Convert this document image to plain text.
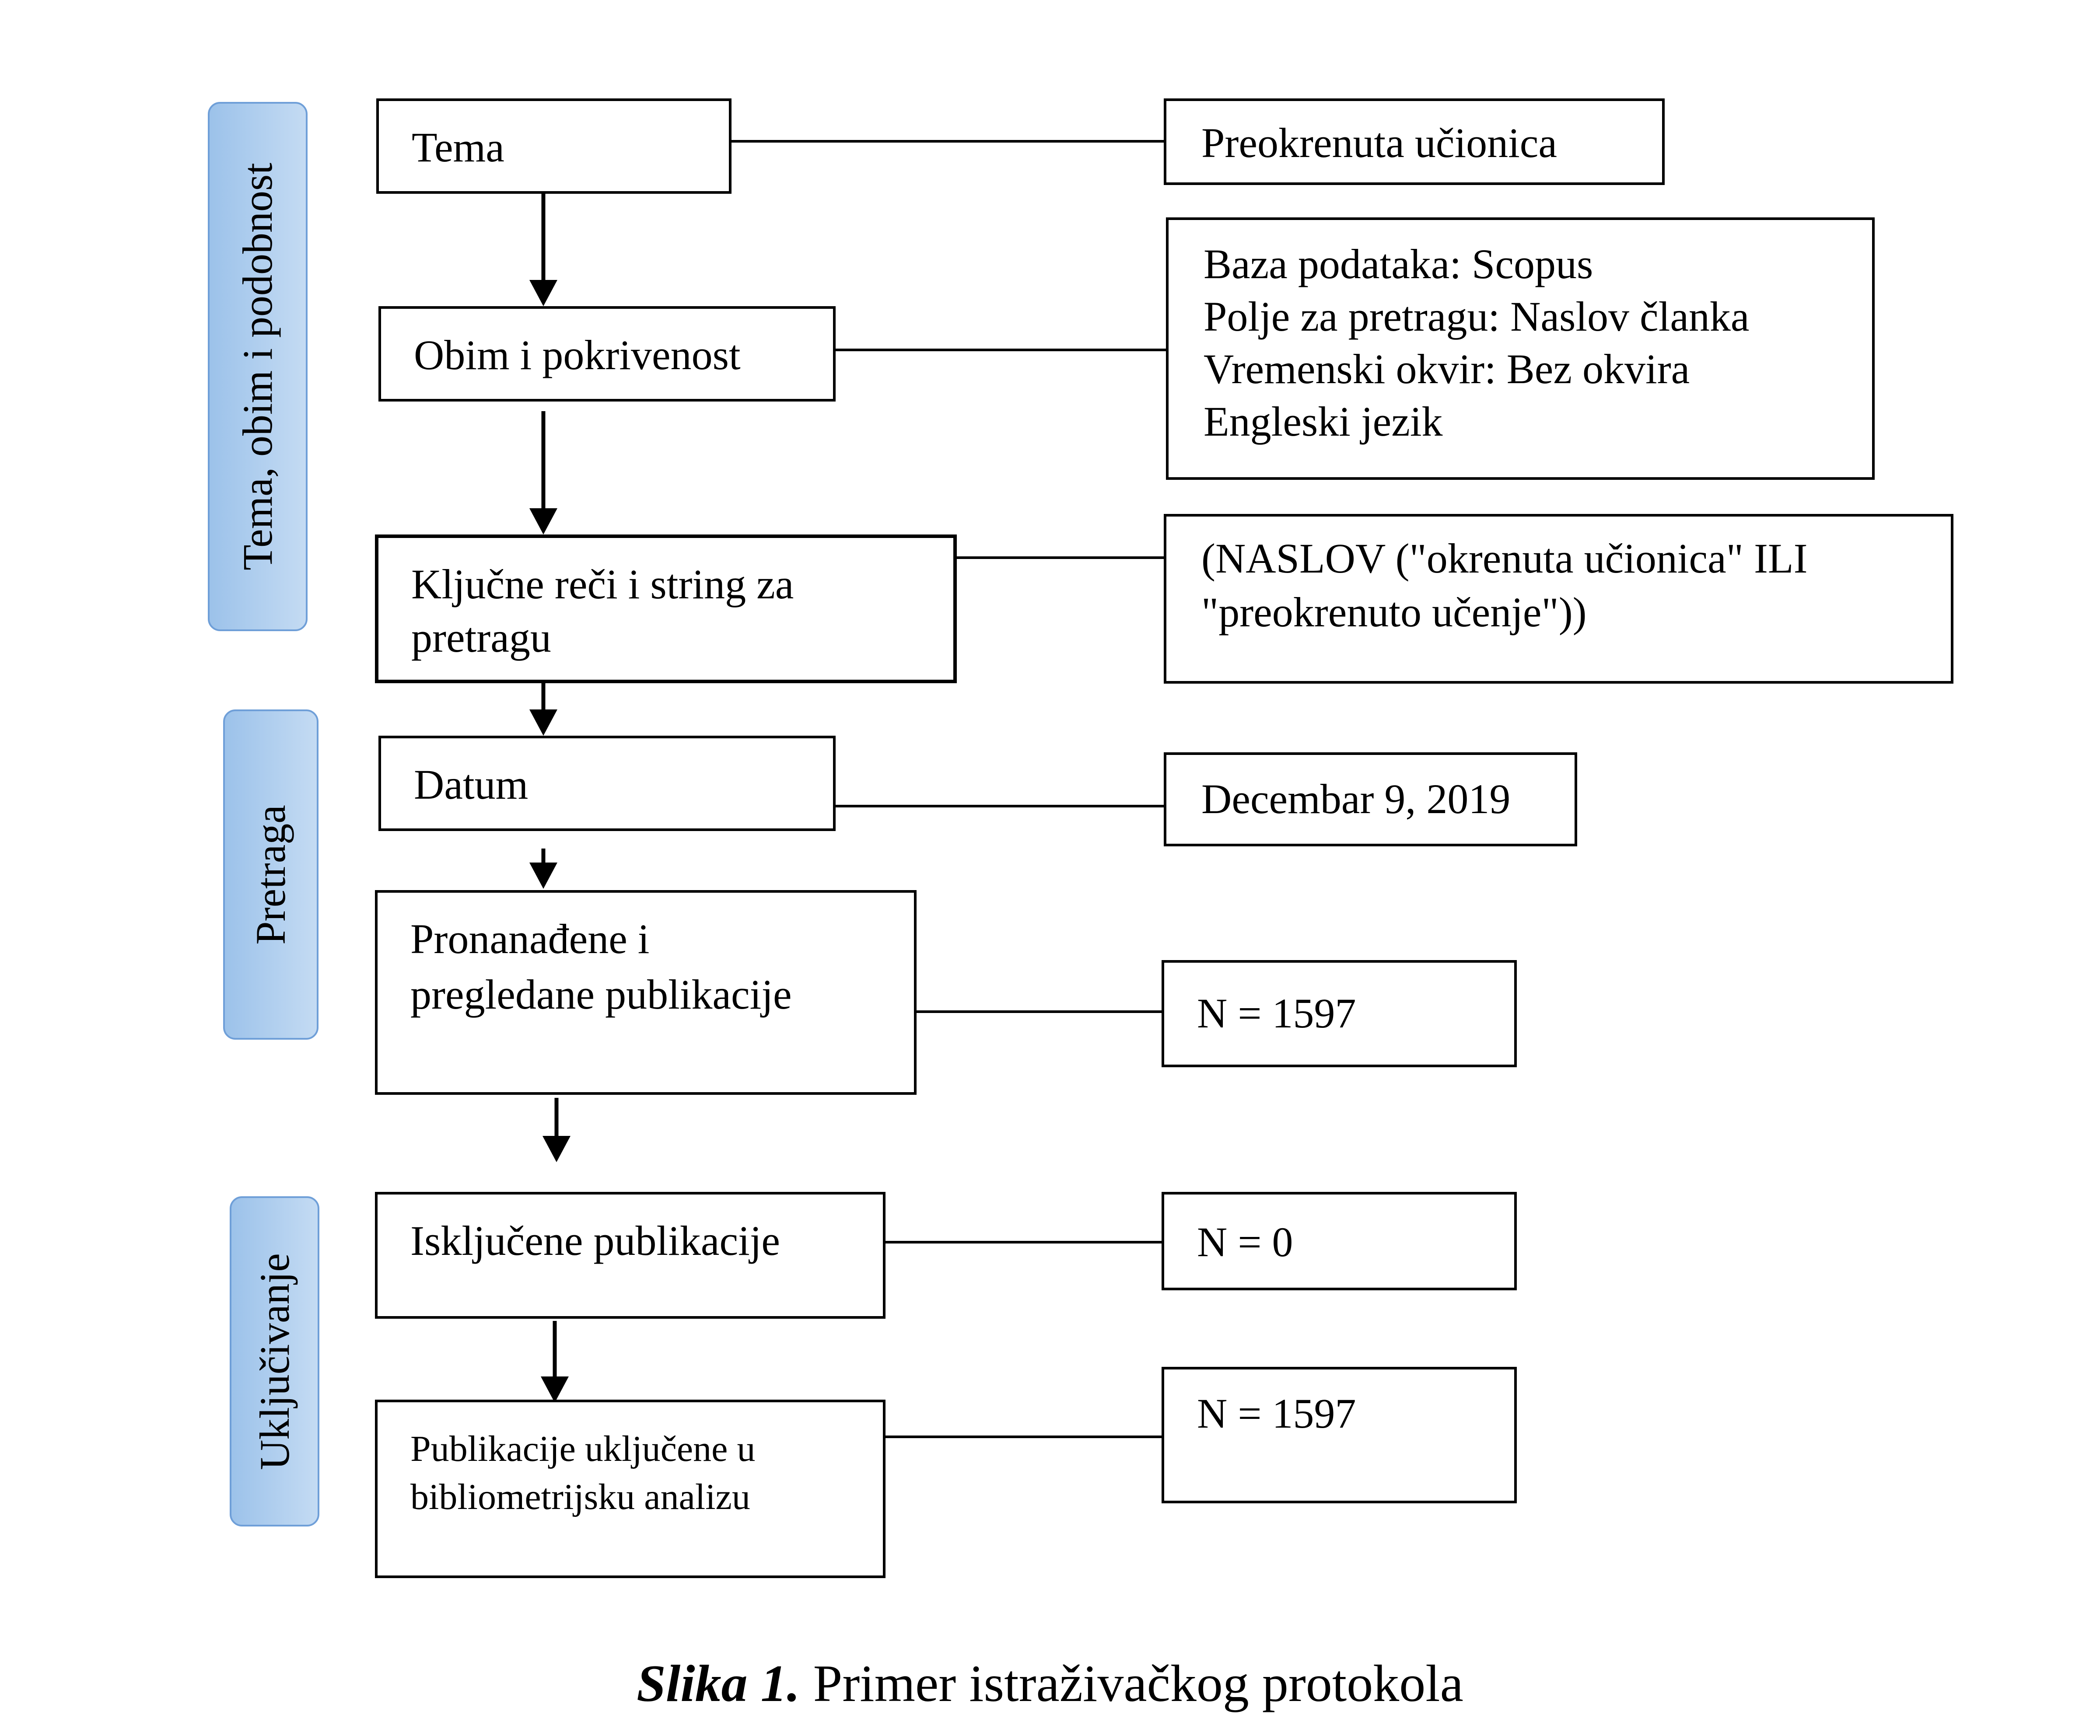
Tema, obim i podobnost
Pretraga
Uključivanje
Tema
Obim i pokrivenost
Ključne reči i string za
pretragu
Datum
Pronanađene i
pregledane publikacije
Isključene publikacije
Publikacije uključene u
bibliometrijsku analizu
Preokrenuta učionica
Baza podataka: Scopus
Polje za pretragu: Naslov članka
Vremenski okvir: Bez okvira
Engleski jezik
(NASLOV ("okrenuta učionica" ILI
"preokrenuto učenje"))
Decembar 9, 2019
N = 1597
N = 0
N = 1597
Slika 1. Primer istraživačkog protokola
